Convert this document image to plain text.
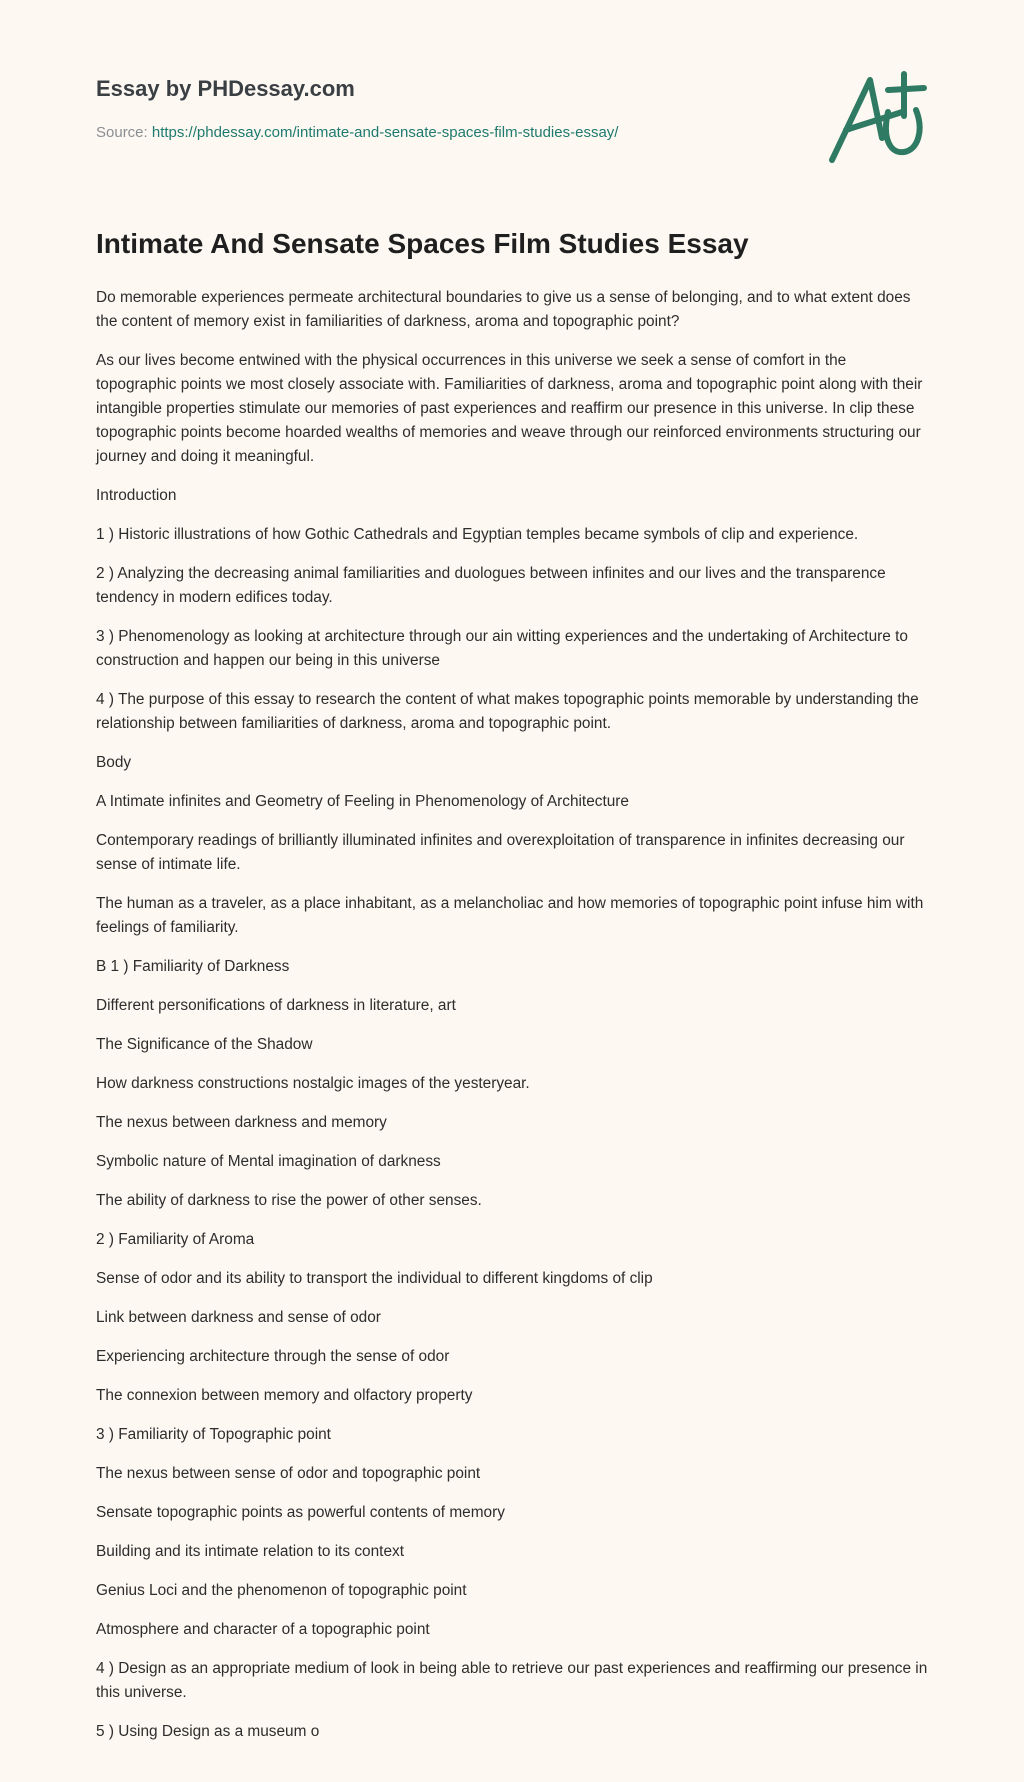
Essay by PHDessay.com
Source: https://phdessay.com/intimate-and-sensate-spaces-film-studies-essay/
Intimate And Sensate Spaces Film Studies Essay

Do memorable experiences permeate architectural boundaries to give us a sense of belonging, and to what extent does the content of memory exist in familiarities of darkness, aroma and topographic point?

As our lives become entwined with the physical occurrences in this universe we seek a sense of comfort in the topographic points we most closely associate with. Familiarities of darkness, aroma and topographic point along with their intangible properties stimulate our memories of past experiences and reaffirm our presence in this universe. In clip these topographic points become hoarded wealths of memories and weave through our reinforced environments structuring our journey and doing it meaningful.

Introduction

1 ) Historic illustrations of how Gothic Cathedrals and Egyptian temples became symbols of clip and experience.

2 ) Analyzing the decreasing animal familiarities and duologues between infinites and our lives and the transparence tendency in modern edifices today.

3 ) Phenomenology as looking at architecture through our ain witting experiences and the undertaking of Architecture to construction and happen our being in this universe

4 ) The purpose of this essay to research the content of what makes topographic points memorable by understanding the relationship between familiarities of darkness, aroma and topographic point.

Body

A Intimate infinites and Geometry of Feeling in Phenomenology of Architecture

Contemporary readings of brilliantly illuminated infinites and overexploitation of transparence in infinites decreasing our sense of intimate life.

The human as a traveler, as a place inhabitant, as a melancholiac and how memories of topographic point infuse him with feelings of familiarity.

B 1 ) Familiarity of Darkness

Different personifications of darkness in literature, art

The Significance of the Shadow

How darkness constructions nostalgic images of the yesteryear.

The nexus between darkness and memory

Symbolic nature of Mental imagination of darkness

The ability of darkness to rise the power of other senses.

2 ) Familiarity of Aroma

Sense of odor and its ability to transport the individual to different kingdoms of clip

Link between darkness and sense of odor

Experiencing architecture through the sense of odor

The connexion between memory and olfactory property

3 ) Familiarity of Topographic point

The nexus between sense of odor and topographic point

Sensate topographic points as powerful contents of memory

Building and its intimate relation to its context

Genius Loci and the phenomenon of topographic point

Atmosphere and character of a topographic point

4 ) Design as an appropriate medium of look in being able to retrieve our past experiences and reaffirming our presence in this universe.

5 ) Using Design as a museum o
